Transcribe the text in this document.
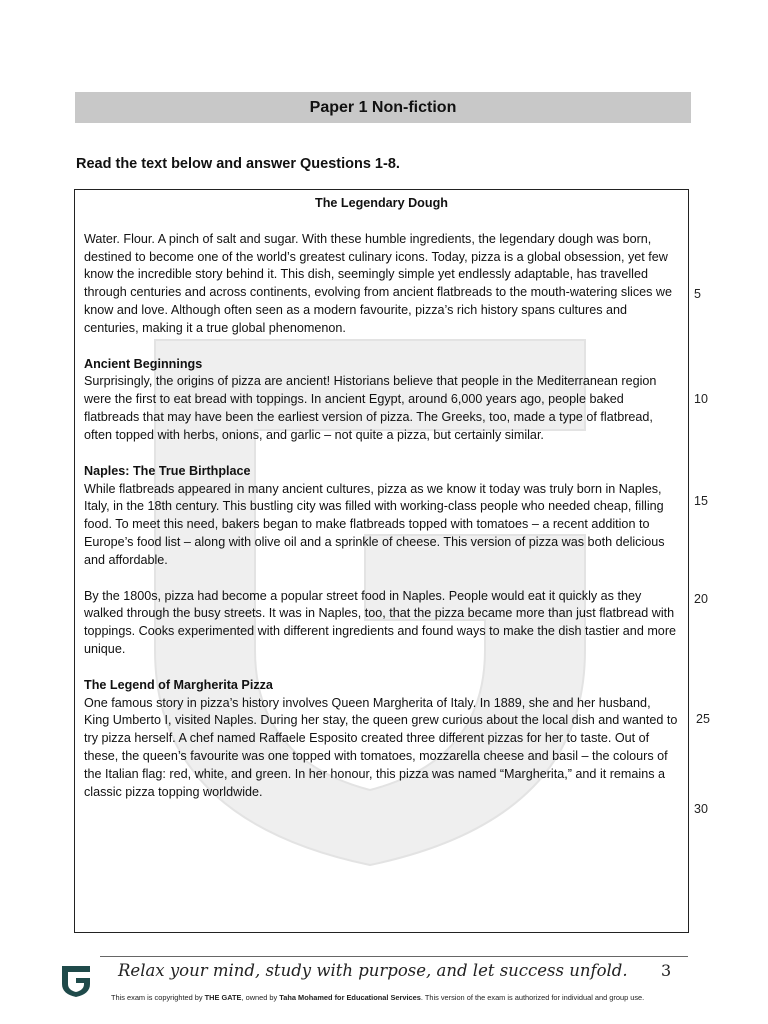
Paper 1 Non-fiction
Read the text below and answer Questions 1-8.
The Legendary Dough
Water. Flour. A pinch of salt and sugar. With these humble ingredients, the legendary dough was born, destined to become one of the world’s greatest culinary icons. Today, pizza is a global obsession, yet few know the incredible story behind it. This dish, seemingly simple yet endlessly adaptable, has travelled through centuries and across continents, evolving from ancient flatbreads to the mouth-watering slices we know and love. Although often seen as a modern favourite, pizza’s rich history spans cultures and centuries, making it a true global phenomenon.
Ancient Beginnings
Surprisingly, the origins of pizza are ancient! Historians believe that people in the Mediterranean region were the first to eat bread with toppings. In ancient Egypt, around 6,000 years ago, people baked flatbreads that may have been the earliest version of pizza. The Greeks, too, made a type of flatbread, often topped with herbs, onions, and garlic – not quite a pizza, but certainly similar.
Naples: The True Birthplace
While flatbreads appeared in many ancient cultures, pizza as we know it today was truly born in Naples, Italy, in the 18th century. This bustling city was filled with working-class people who needed cheap, filling food. To meet this need, bakers began to make flatbreads topped with tomatoes – a recent addition to Europe’s food list – along with olive oil and a sprinkle of cheese. This version of pizza was both delicious and affordable.
By the 1800s, pizza had become a popular street food in Naples. People would eat it quickly as they walked through the busy streets. It was in Naples, too, that the pizza became more than just flatbread with toppings. Cooks experimented with different ingredients and found ways to make the dish tastier and more unique.
The Legend of Margherita Pizza
One famous story in pizza’s history involves Queen Margherita of Italy. In 1889, she and her husband, King Umberto I, visited Naples. During her stay, the queen grew curious about the local dish and wanted to try pizza herself. A chef named Raffaele Esposito created three different pizzas for her to taste. Out of these, the queen’s favourite was one topped with tomatoes, mozzarella cheese and basil – the colours of the Italian flag: red, white, and green. In her honour, this pizza was named “Margherita,” and it remains a classic pizza topping worldwide.
5
10
15
20
25
30
Relax your mind, study with purpose, and let success unfold. 3
This exam is copyrighted by THE GATE, owned by Taha Mohamed for Educational Services. This version of the exam is authorized for individual and group use.
